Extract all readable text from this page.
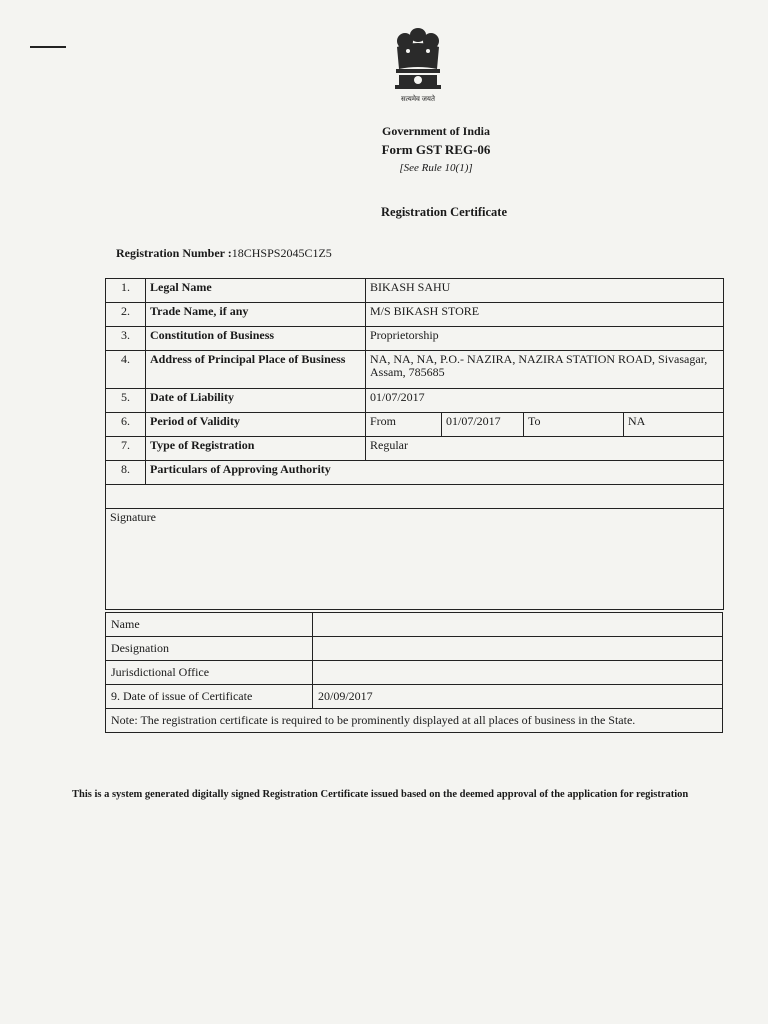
सत्यमेव जयते
Government of India
Form GST REG-06
[See Rule 10(1)]
Registration Certificate
Registration Number :18CHSPS2045C1Z5
1.	Legal Name	BIKASH SAHU			
2.	Trade Name, if any	M/S BIKASH STORE			
3.	Constitution of Business	Proprietorship			
4.	Address of Principal Place of Business	NA, NA, NA, P.O.- NAZIRA, NAZIRA STATION ROAD, Sivasagar, Assam, 785685			
5.	Date of Liability	01/07/2017			
6.	Period of Validity	From	01/07/2017	To	NA
7.	Type of Registration	Regular			
8.	Particulars of Approving Authority				

Signature					
Name	
Designation	
Jurisdictional Office	
9. Date of issue of Certificate	20/09/2017
Note: The registration certificate is required to be prominently displayed at all places of business in the State.	
This is a system generated digitally signed Registration Certificate issued based on the deemed approval of the application for registration
